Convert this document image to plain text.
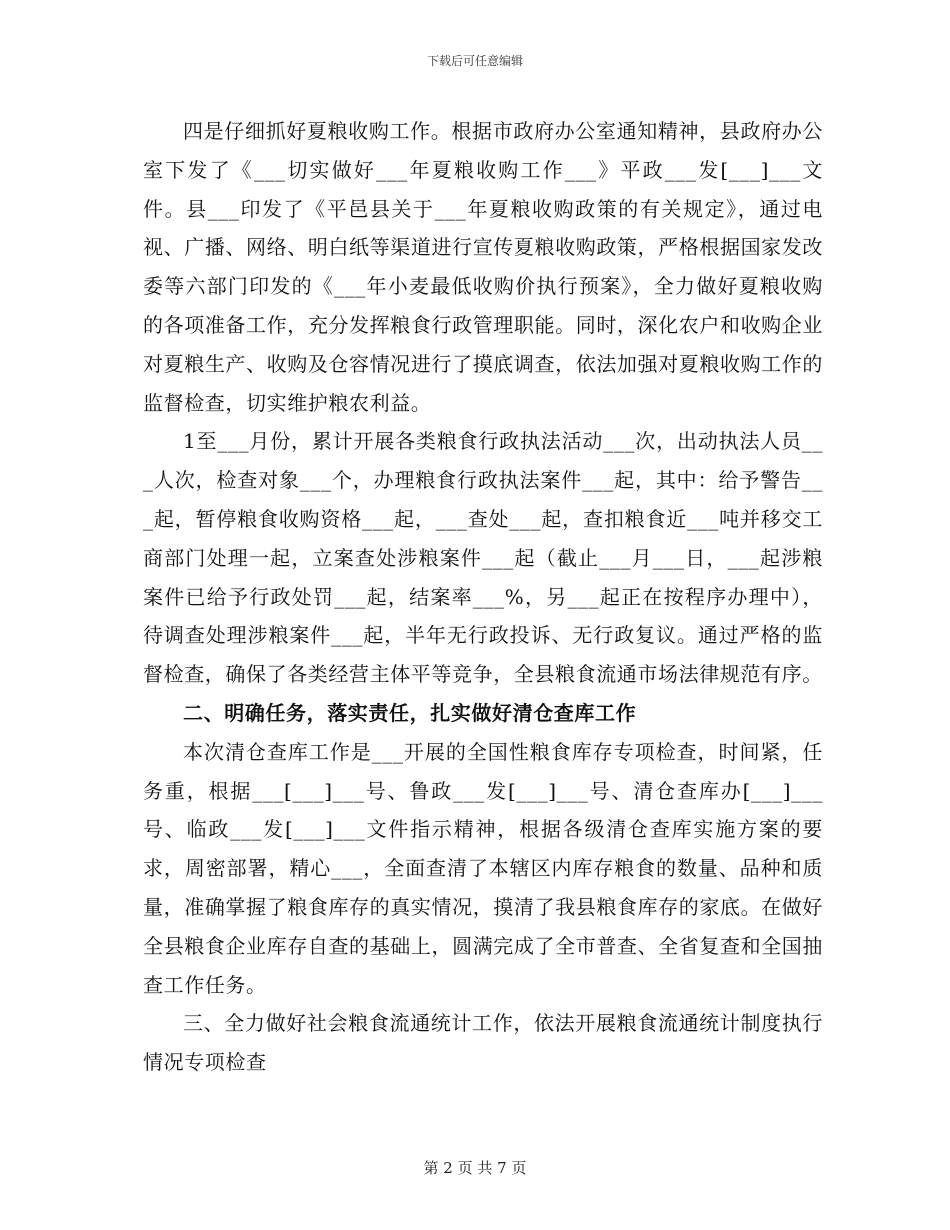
下载后可任意编辑

四是仔细抓好夏粮收购工作。根据市政府办公室通知精神，县政府办公室下发了《___切实做好___年夏粮收购工作___》平政___发[___]___文件。县___印发了《平邑县关于___年夏粮收购政策的有关规定》，通过电视、广播、网络、明白纸等渠道进行宣传夏粮收购政策，严格根据国家发改委等六部门印发的《___年小麦最低收购价执行预案》，全力做好夏粮收购的各项准备工作，充分发挥粮食行政管理职能。同时，深化农户和收购企业对夏粮生产、收购及仓容情况进行了摸底调查，依法加强对夏粮收购工作的监督检查，切实维护粮农利益。

1至___月份，累计开展各类粮食行政执法活动___次，出动执法人员___人次，检查对象___个，办理粮食行政执法案件___起，其中：给予警告___起，暂停粮食收购资格___起，___查处___起，查扣粮食近___吨并移交工商部门处理一起，立案查处涉粮案件___起（截止___月___日，___起涉粮案件已给予行政处罚___起，结案率___%，另___起正在按程序办理中），待调查处理涉粮案件___起，半年无行政投诉、无行政复议。通过严格的监督检查，确保了各类经营主体平等竞争，全县粮食流通市场法律规范有序。

二、明确任务，落实责任，扎实做好清仓查库工作

本次清仓查库工作是___开展的全国性粮食库存专项检查，时间紧，任务重，根据___[___]___号、鲁政___发[___]___号、清仓查库办[___]___号、临政___发[___]___文件指示精神，根据各级清仓查库实施方案的要求，周密部署，精心___，全面查清了本辖区内库存粮食的数量、品种和质量，准确掌握了粮食库存的真实情况，摸清了我县粮食库存的家底。在做好全县粮食企业库存自查的基础上，圆满完成了全市普查、全省复查和全国抽查工作任务。

三、全力做好社会粮食流通统计工作，依法开展粮食流通统计制度执行情况专项检查

第 2 页 共 7 页
